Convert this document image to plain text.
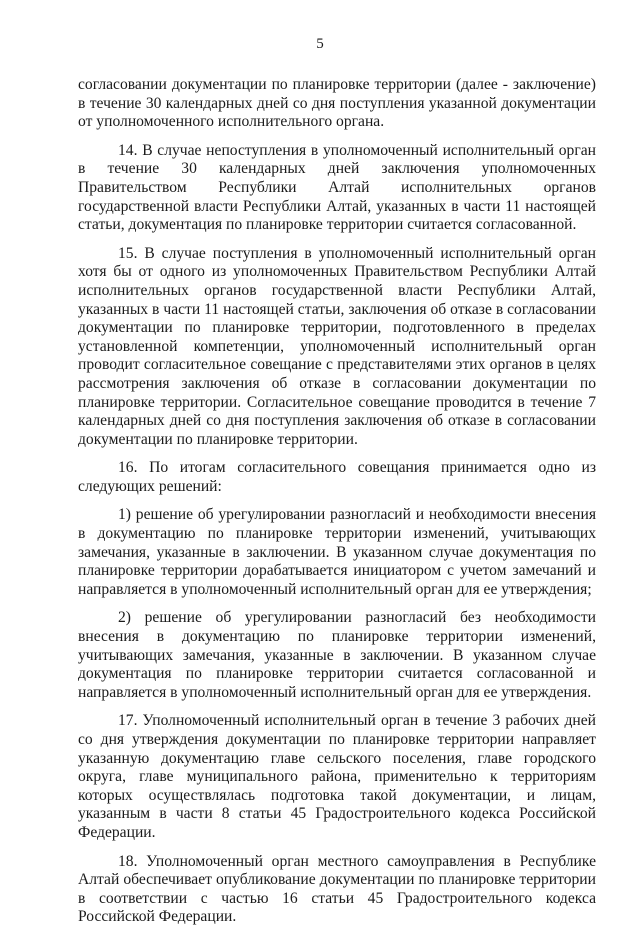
5

согласовании документации по планировке территории (далее - заключение) в течение 30 календарных дней со дня поступления указанной документации от уполномоченного исполнительного органа.

14. В случае непоступления в уполномоченный исполнительный орган в течение 30 календарных дней заключения уполномоченных Правительством Республики Алтай исполнительных органов государственной власти Республики Алтай, указанных в части 11 настоящей статьи, документация по планировке территории считается согласованной.

15. В случае поступления в уполномоченный исполнительный орган хотя бы от одного из уполномоченных Правительством Республики Алтай исполнительных органов государственной власти Республики Алтай, указанных в части 11 настоящей статьи, заключения об отказе в согласовании документации по планировке территории, подготовленного в пределах установленной компетенции, уполномоченный исполнительный орган проводит согласительное совещание с представителями этих органов в целях рассмотрения заключения об отказе в согласовании документации по планировке территории. Согласительное совещание проводится в течение 7 календарных дней со дня поступления заключения об отказе в согласовании документации по планировке территории.

16. По итогам согласительного совещания принимается одно из следующих решений:

1) решение об урегулировании разногласий и необходимости внесения в документацию по планировке территории изменений, учитывающих замечания, указанные в заключении. В указанном случае документация по планировке территории дорабатывается инициатором с учетом замечаний и направляется в уполномоченный исполнительный орган для ее утверждения;

2) решение об урегулировании разногласий без необходимости внесения в документацию по планировке территории изменений, учитывающих замечания, указанные в заключении. В указанном случае документация по планировке территории считается согласованной и направляется в уполномоченный исполнительный орган для ее утверждения.

17. Уполномоченный исполнительный орган в течение 3 рабочих дней со дня утверждения документации по планировке территории направляет указанную документацию главе сельского поселения, главе городского округа, главе муниципального района, применительно к территориям которых осуществлялась подготовка такой документации, и лицам, указанным в части 8 статьи 45 Градостроительного кодекса Российской Федерации.

18. Уполномоченный орган местного самоуправления в Республике Алтай обеспечивает опубликование документации по планировке территории в соответствии с частью 16 статьи 45 Градостроительного кодекса Российской Федерации.
